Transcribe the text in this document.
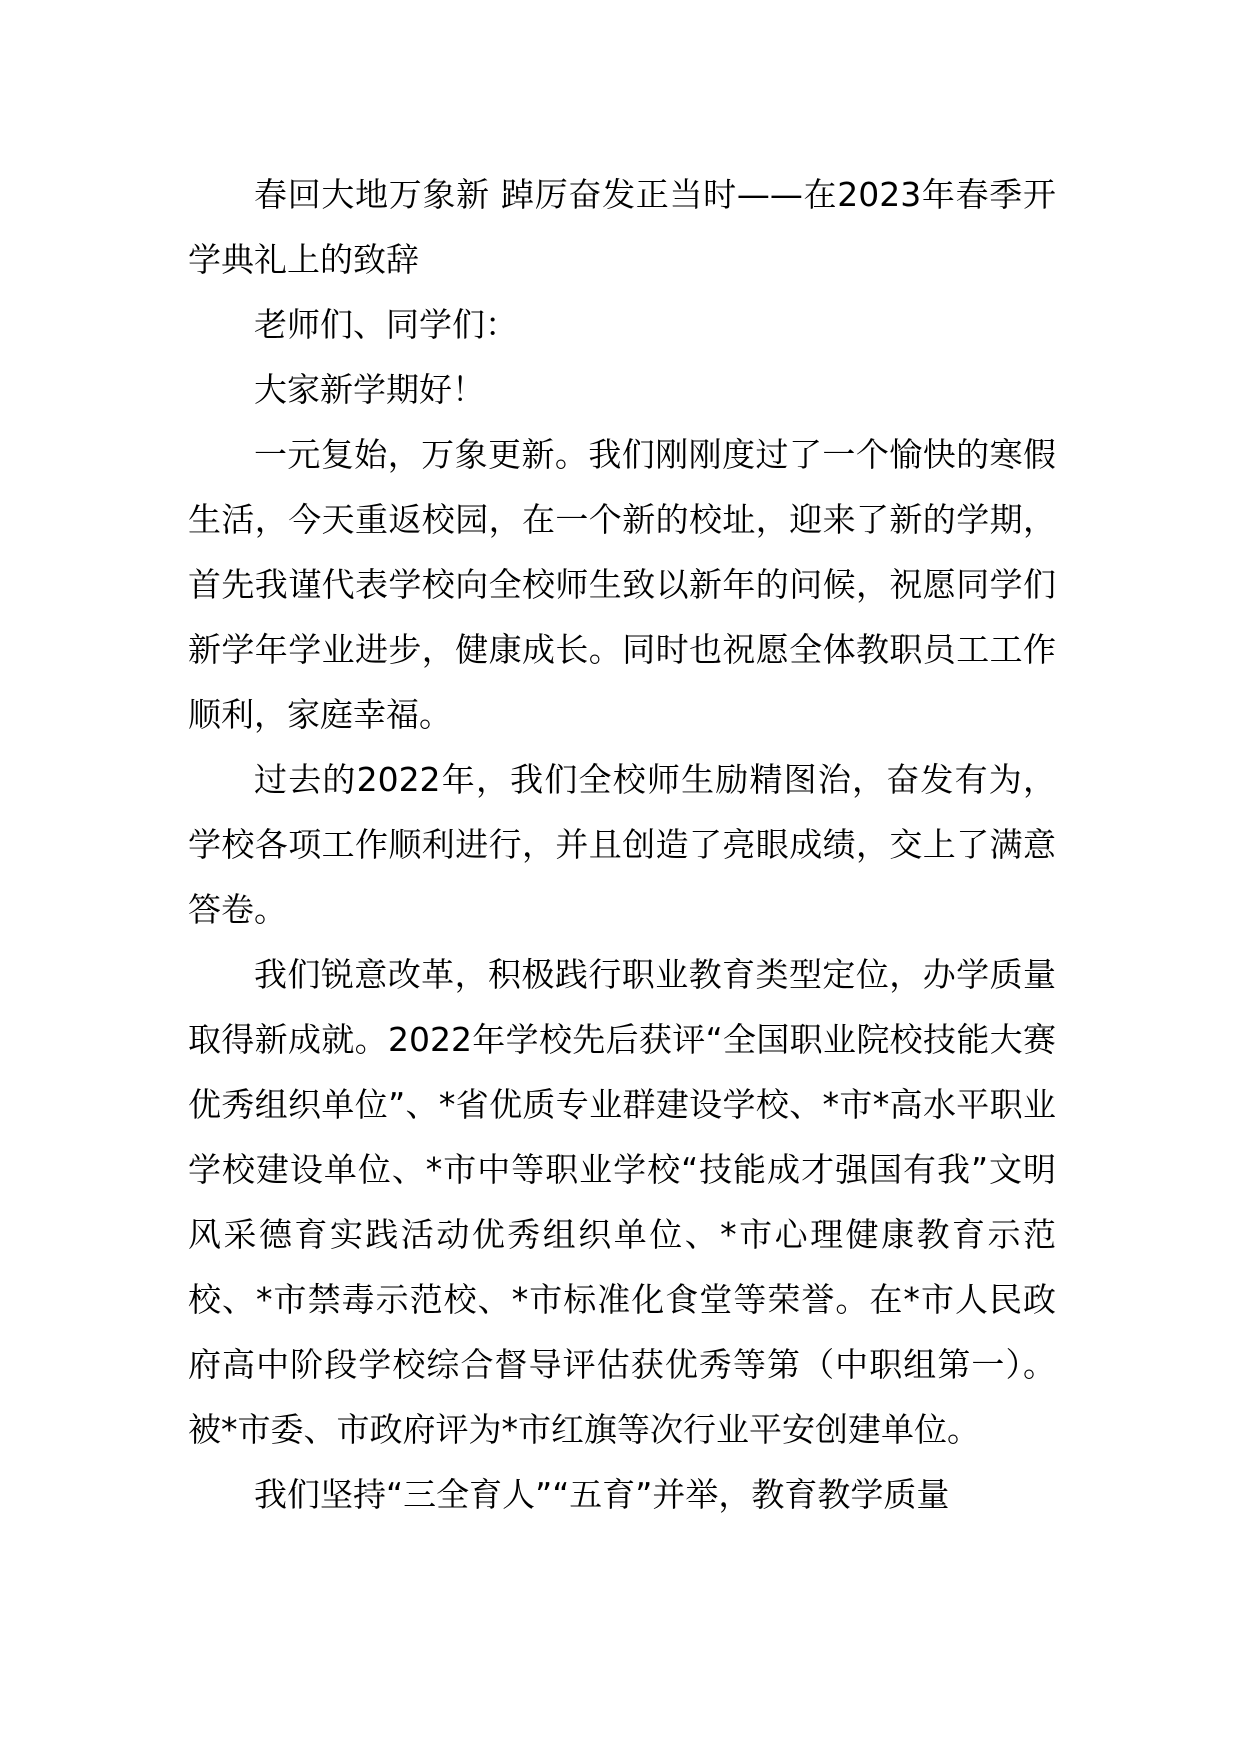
春回大地万象新 踔厉奋发正当时——在2023年春季开学典礼上的致辞

老师们、同学们：

大家新学期好！

一元复始，万象更新。我们刚刚度过了一个愉快的寒假生活，今天重返校园，在一个新的校址，迎来了新的学期，首先我谨代表学校向全校师生致以新年的问候，祝愿同学们新学年学业进步，健康成长。同时也祝愿全体教职员工工作顺利，家庭幸福。

过去的2022年，我们全校师生励精图治，奋发有为，学校各项工作顺利进行，并且创造了亮眼成绩，交上了满意答卷。

我们锐意改革，积极践行职业教育类型定位，办学质量取得新成就。2022年学校先后获评“全国职业院校技能大赛优秀组织单位”、*省优质专业群建设学校、*市*高水平职业学校建设单位、*市中等职业学校“技能成才强国有我”文明风采德育实践活动优秀组织单位、*市心理健康教育示范校、*市禁毒示范校、*市标准化食堂等荣誉。在*市人民政府高中阶段学校综合督导评估获优秀等第（中职组第一）。被*市委、市政府评为*市红旗等次行业平安创建单位。

我们坚持“三全育人”“五育”并举，教育教学质量
